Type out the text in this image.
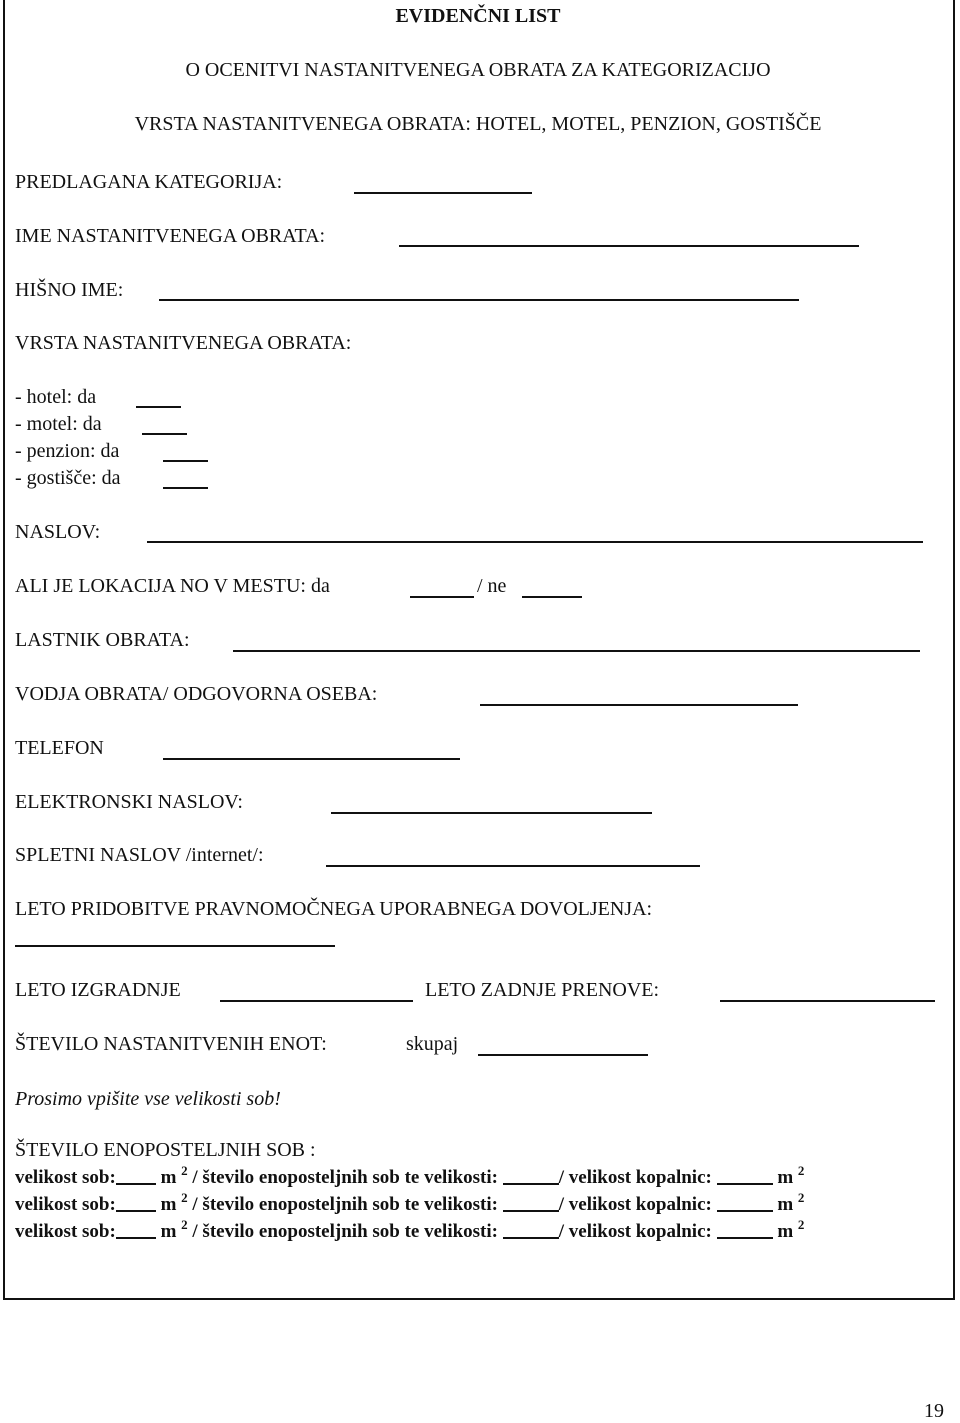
EVIDENČNI LIST
O OCENITVI NASTANITVENEGA OBRATA ZA KATEGORIZACIJO
VRSTA NASTANITVENEGA OBRATA: HOTEL, MOTEL, PENZION, GOSTIŠČE
PREDLAGANA KATEGORIJA:
IME NASTANITVENEGA OBRATA:
HIŠNO IME:
VRSTA NASTANITVENEGA OBRATA:
- hotel: da
- motel: da
- penzion: da
- gostišče: da
NASLOV:
ALI JE LOKACIJA NO V MESTU: da	/ ne
LASTNIK OBRATA:
VODJA OBRATA/ ODGOVORNA OSEBA:
TELEFON
ELEKTRONSKI NASLOV:
SPLETNI NASLOV /internet/:
LETO PRIDOBITVE PRAVNOMOČNEGA UPORABNEGA DOVOLJENJA:
LETO IZGRADNJE	LETO ZADNJE PRENOVE:
ŠTEVILO NASTANITVENIH ENOT:	skupaj
Prosimo vpišite vse velikosti sob!
ŠTEVILO ENOPOSTELJNIH SOB :
velikost sob: m $^2$ / število enoposteljnih sob te velikosti:	/ velikost kopalnic:	m $^2$
velikost sob: m $^2$ / število enoposteljnih sob te velikosti:	/ velikost kopalnic:	m $^2$
velikost sob: m $^2$ / število enoposteljnih sob te velikosti:	/ velikost kopalnic:	m $^2$
19
